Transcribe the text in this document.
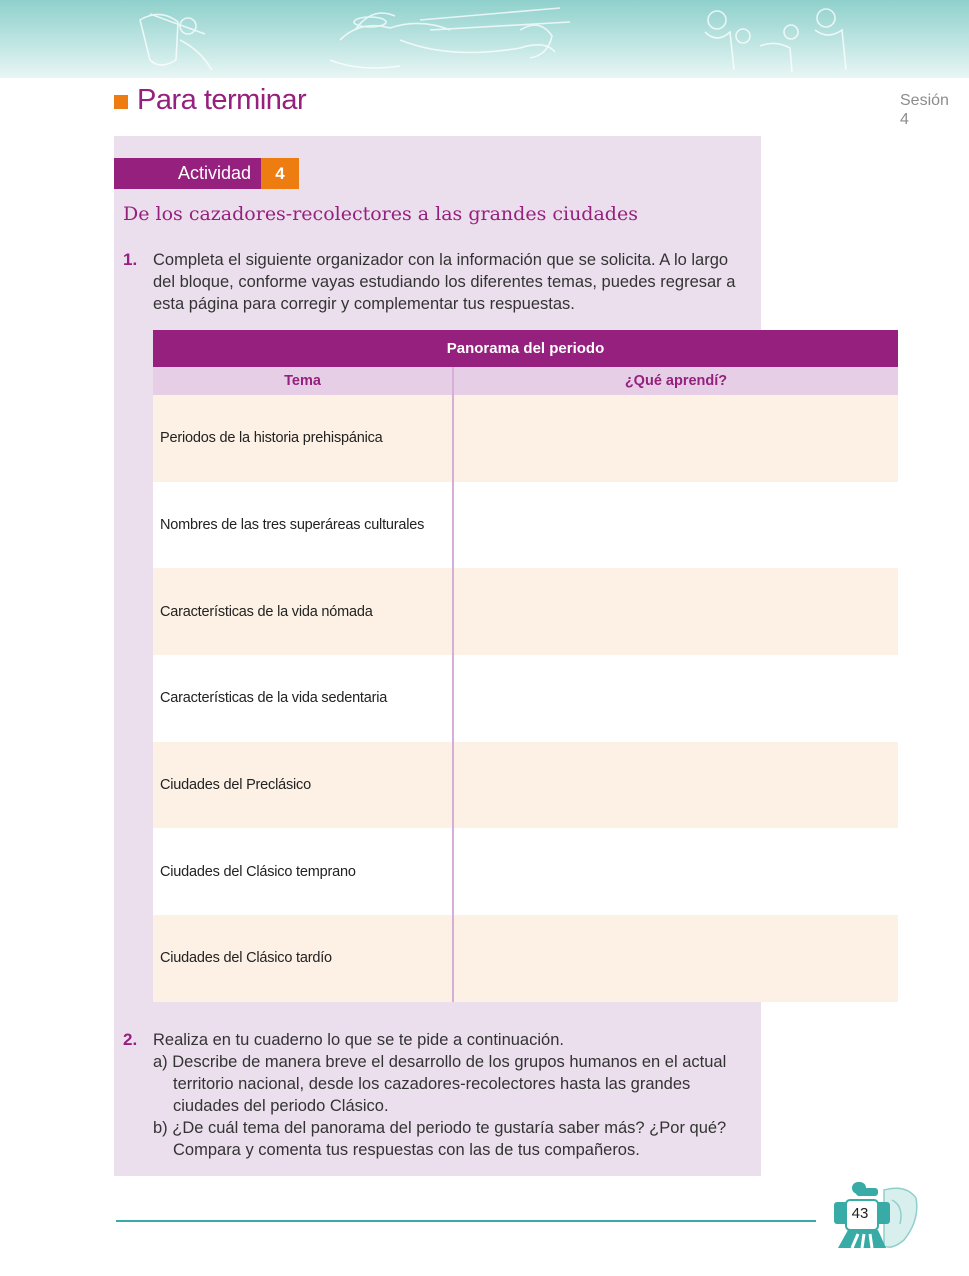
Para terminar	Sesión
4
Actividad	4
De los cazadores-recolectores a las grandes ciudades
1. Completa el siguiente organizador con la información que se solicita. A lo largo
del bloque, conforme vayas estudiando los diferentes temas, puedes regresar a
esta página para corregir y complementar tus respuestas.
Panorama del periodo
Tema	¿Qué aprendí?
Periodos de la historia prehispánica
Nombres de las tres superáreas culturales
Características de la vida nómada
Características de la vida sedentaria
Ciudades del Preclásico
Ciudades del Clásico temprano
Ciudades del Clásico tardío
2. Realiza en tu cuaderno lo que se te pide a continuación.
a) Describe de manera breve el desarrollo de los grupos humanos en el actual
territorio nacional, desde los cazadores-recolectores hasta las grandes
ciudades del periodo Clásico.
b) ¿De cuál tema del panorama del periodo te gustaría saber más? ¿Por qué?
Compara y comenta tus respuestas con las de tus compañeros.
43
